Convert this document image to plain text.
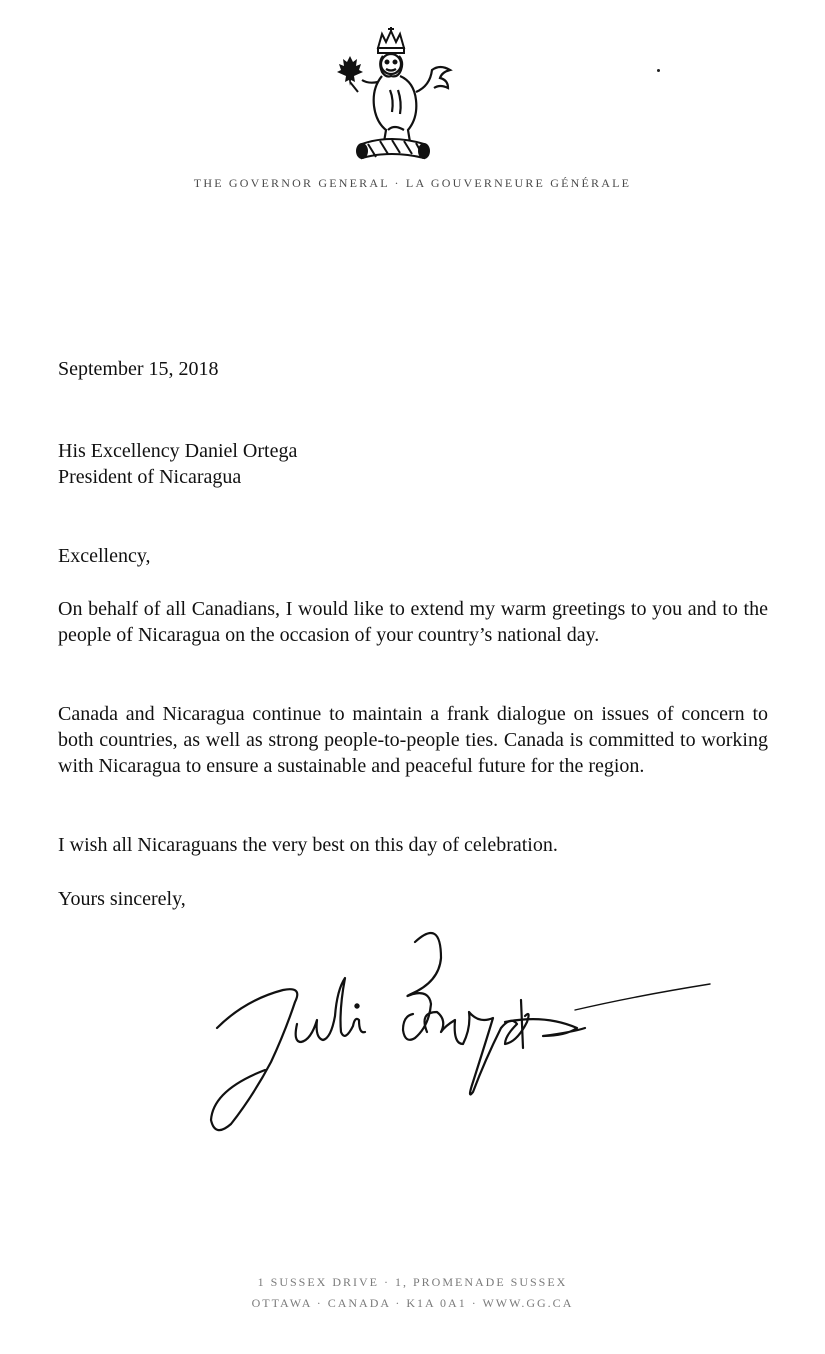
THE GOVERNOR GENERAL · LA GOUVERNEURE GÉNÉRALE

September 15, 2018

His Excellency Daniel Ortega
President of Nicaragua

Excellency,

On behalf of all Canadians, I would like to extend my warm greetings to you and to the people of Nicaragua on the occasion of your country’s national day.

Canada and Nicaragua continue to maintain a frank dialogue on issues of concern to both countries, as well as strong people-to-people ties. Canada is committed to working with Nicaragua to ensure a sustainable and peaceful future for the region.

I wish all Nicaraguans the very best on this day of celebration.

Yours sincerely,

1 SUSSEX DRIVE · 1, PROMENADE SUSSEX
OTTAWA · CANADA · K1A 0A1 · WWW.GG.CA
